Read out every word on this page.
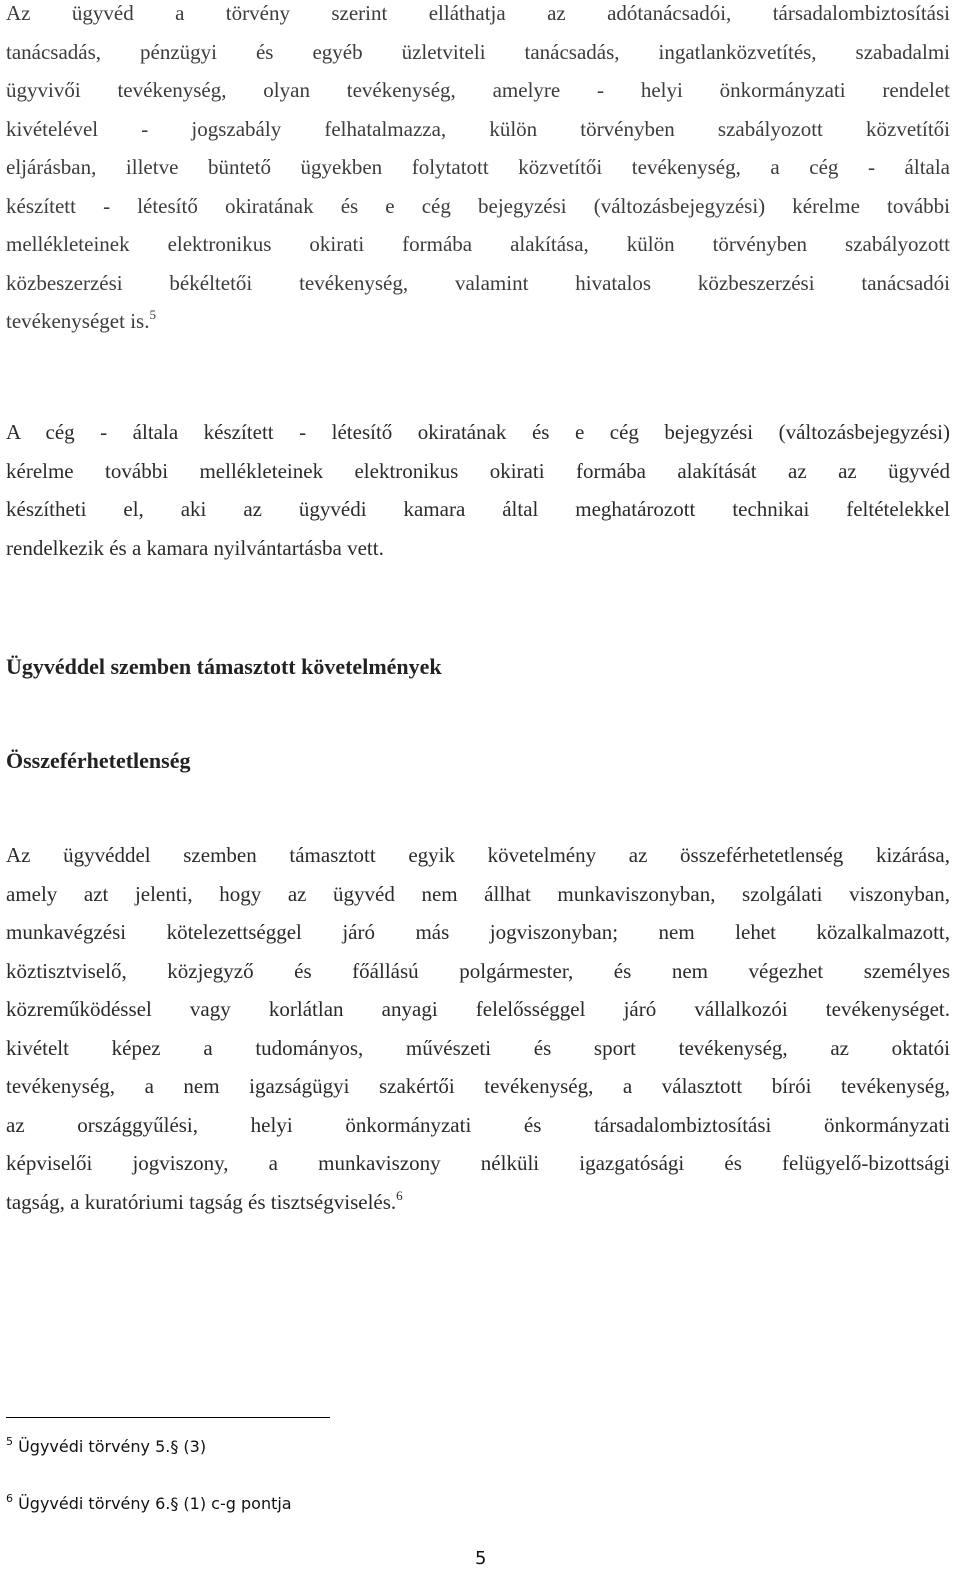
Az ügyvéd a törvény szerint elláthatja az adótanácsadói, társadalombiztosítási
tanácsadás, pénzügyi és egyéb üzletviteli tanácsadás, ingatlanközvetítés, szabadalmi
ügyvivői tevékenység, olyan tevékenység, amelyre - helyi önkormányzati rendelet
kivételével - jogszabály felhatalmazza, külön törvényben szabályozott közvetítői
eljárásban, illetve büntető ügyekben folytatott közvetítői tevékenység, a cég - általa
készített - létesítő okiratának és e cég bejegyzési (változásbejegyzési) kérelme további
mellékleteinek elektronikus okirati formába alakítása, külön törvényben szabályozott
közbeszerzési békéltetői tevékenység, valamint hivatalos közbeszerzési tanácsadói
tevékenységet is.$^5$
A cég - általa készített - létesítő okiratának és e cég bejegyzési (változásbejegyzési)
kérelme további mellékleteinek elektronikus okirati formába alakítását az az ügyvéd
készítheti el, aki az ügyvédi kamara által meghatározott technikai feltételekkel
rendelkezik és a kamara nyilvántartásba vett.
Ügyvéddel szemben támasztott követelmények
Összeférhetetlenség
Az ügyvéddel szemben támasztott egyik követelmény az összeférhetetlenség kizárása,
amely azt jelenti, hogy az ügyvéd nem állhat munkaviszonyban, szolgálati viszonyban,
munkavégzési kötelezettséggel járó más jogviszonyban; nem lehet közalkalmazott,
köztisztviselő, közjegyző és főállású polgármester, és nem végezhet személyes
közreműködéssel vagy korlátlan anyagi felelősséggel járó vállalkozói tevékenységet.
kivételt képez a tudományos, művészeti és sport tevékenység, az oktatói
tevékenység, a nem igazságügyi szakértői tevékenység, a választott bírói tevékenység,
az országgyűlési, helyi önkormányzati és társadalombiztosítási önkormányzati
képviselői jogviszony, a munkaviszony nélküli igazgatósági és felügyelő-bizottsági
tagság, a kuratóriumi tagság és tisztségviselés.$^6$
$^5$ Ügyvédi törvény 5.§ (3)
$^6$ Ügyvédi törvény 6.§ (1) c-g pontja
5
